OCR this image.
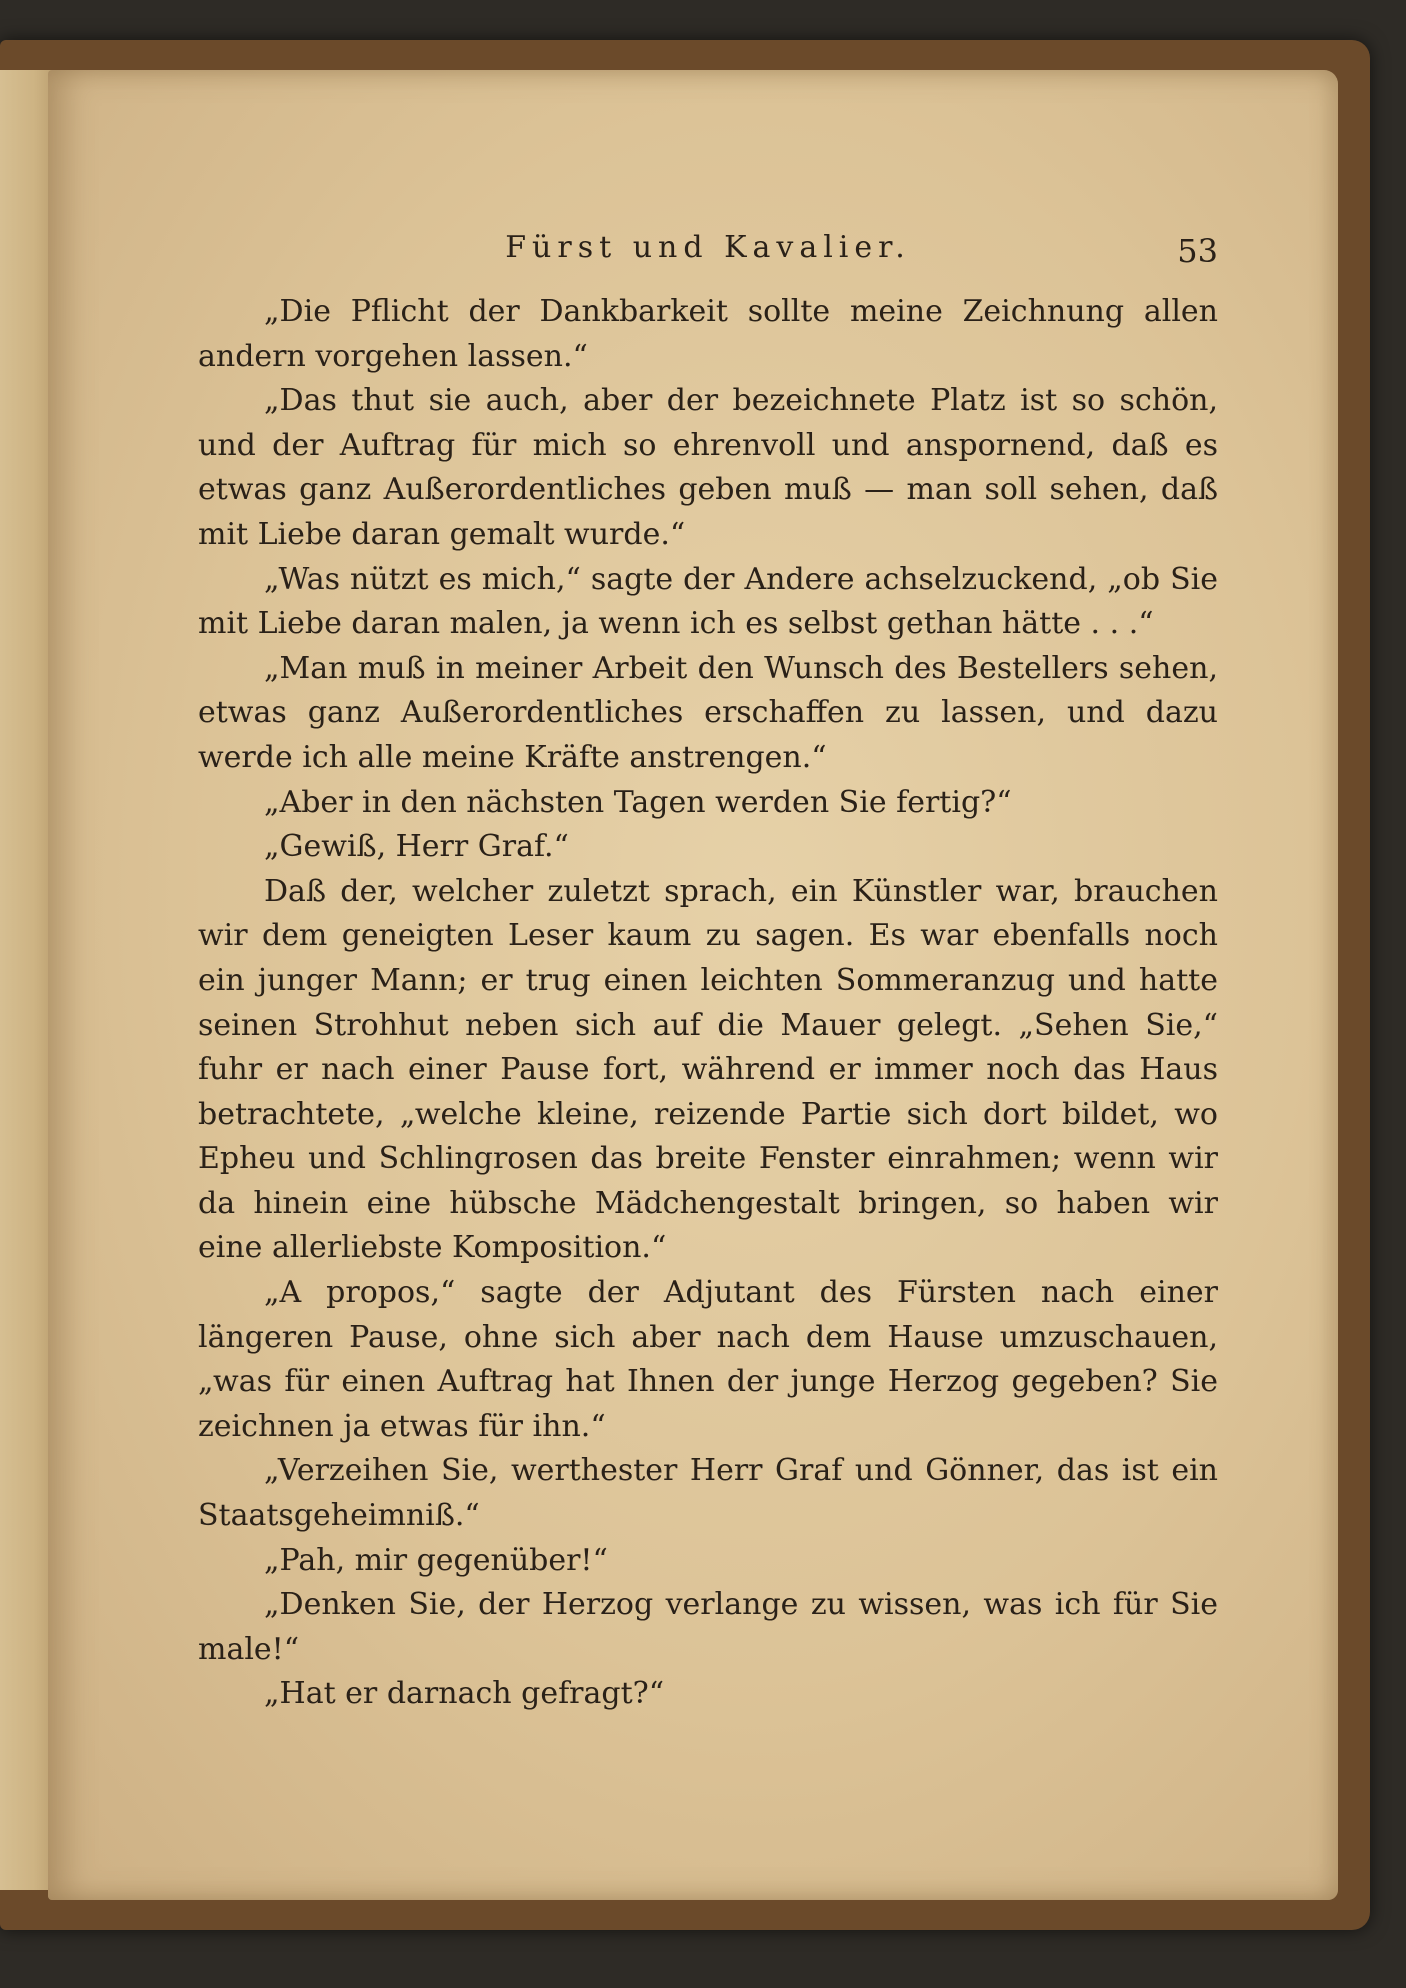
Fürst und Kavalier.	53

„Die Pflicht der Dankbarkeit sollte meine Zeichnung allen andern vorgehen lassen.“

„Das thut sie auch, aber der bezeichnete Platz ist so schön, und der Auftrag für mich so ehrenvoll und anspornend, daß es etwas ganz Außerordentliches geben muß — man soll sehen, daß mit Liebe daran gemalt wurde.“

„Was nützt es mich,“ sagte der Andere achselzuckend, „ob Sie mit Liebe daran malen, ja wenn ich es selbst gethan hätte . . .“

„Man muß in meiner Arbeit den Wunsch des Bestellers sehen, etwas ganz Außerordentliches erschaffen zu lassen, und dazu werde ich alle meine Kräfte anstrengen.“

„Aber in den nächsten Tagen werden Sie fertig?“

„Gewiß, Herr Graf.“

Daß der, welcher zuletzt sprach, ein Künstler war, brauchen wir dem geneigten Leser kaum zu sagen. Es war ebenfalls noch ein junger Mann; er trug einen leichten Sommeranzug und hatte seinen Strohhut neben sich auf die Mauer gelegt. „Sehen Sie,“ fuhr er nach einer Pause fort, während er immer noch das Haus betrachtete, „welche kleine, reizende Partie sich dort bildet, wo Epheu und Schlingrosen das breite Fenster einrahmen; wenn wir da hinein eine hübsche Mädchengestalt bringen, so haben wir eine allerliebste Komposition.“

„A propos,“ sagte der Adjutant des Fürsten nach einer längeren Pause, ohne sich aber nach dem Hause umzuschauen, „was für einen Auftrag hat Ihnen der junge Herzog gegeben? Sie zeichnen ja etwas für ihn.“

„Verzeihen Sie, werthester Herr Graf und Gönner, das ist ein Staatsgeheimniß.“

„Pah, mir gegenüber!“

„Denken Sie, der Herzog verlange zu wissen, was ich für Sie male!“

„Hat er darnach gefragt?“
